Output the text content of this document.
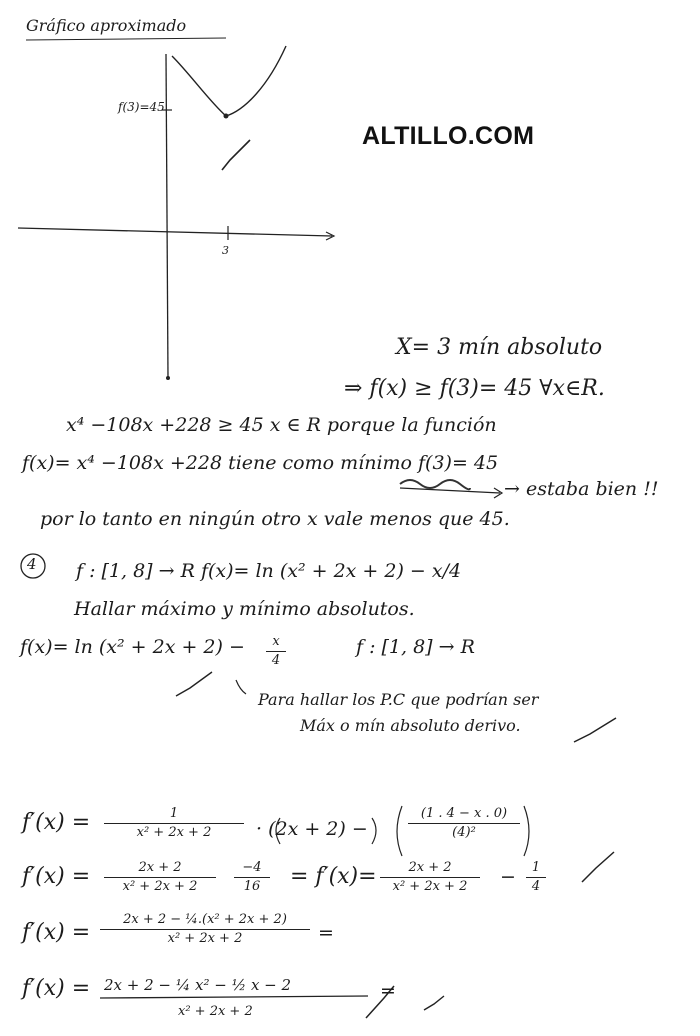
ALTILLO.COM
Gráfico aproximado
f(3)=45
3
X= 3 mín absoluto
⇒ f(x) ≥ f(3)= 45 ∀x∈R.
x⁴ −108x +228 ≥ 45 x ∈ R porque la función
f(x)= x⁴ −108x +228 tiene como mínimo f(3)= 45
→ estaba bien !!
por lo tanto en ningún otro x vale menos que 45.
4 f : [1, 8] → R f(x)= ln (x² + 2x + 2) − x/4
Hallar máximo y mínimo absolutos.
f(x)= ln (x² + 2x + 2) −	x
4
f : [1, 8] → R
Para hallar los P.C que podrían ser
Máx o mín absoluto derivo.
f′(x) =	1
x² + 2x + 2	· (2x + 2) −
(1 . 4 − x . 0)
(4)²
f′(x) =	2x + 2
x² + 2x + 2
−4
16	= f′(x)=	2x + 2
x² + 2x + 2	−	1
4
f′(x) =
2x + 2 − ¼.(x² + 2x + 2)
x² + 2x + 2	=
f′(x) = 2x + 2 − ¼ x² − ½ x − 2
x² + 2x + 2
=
